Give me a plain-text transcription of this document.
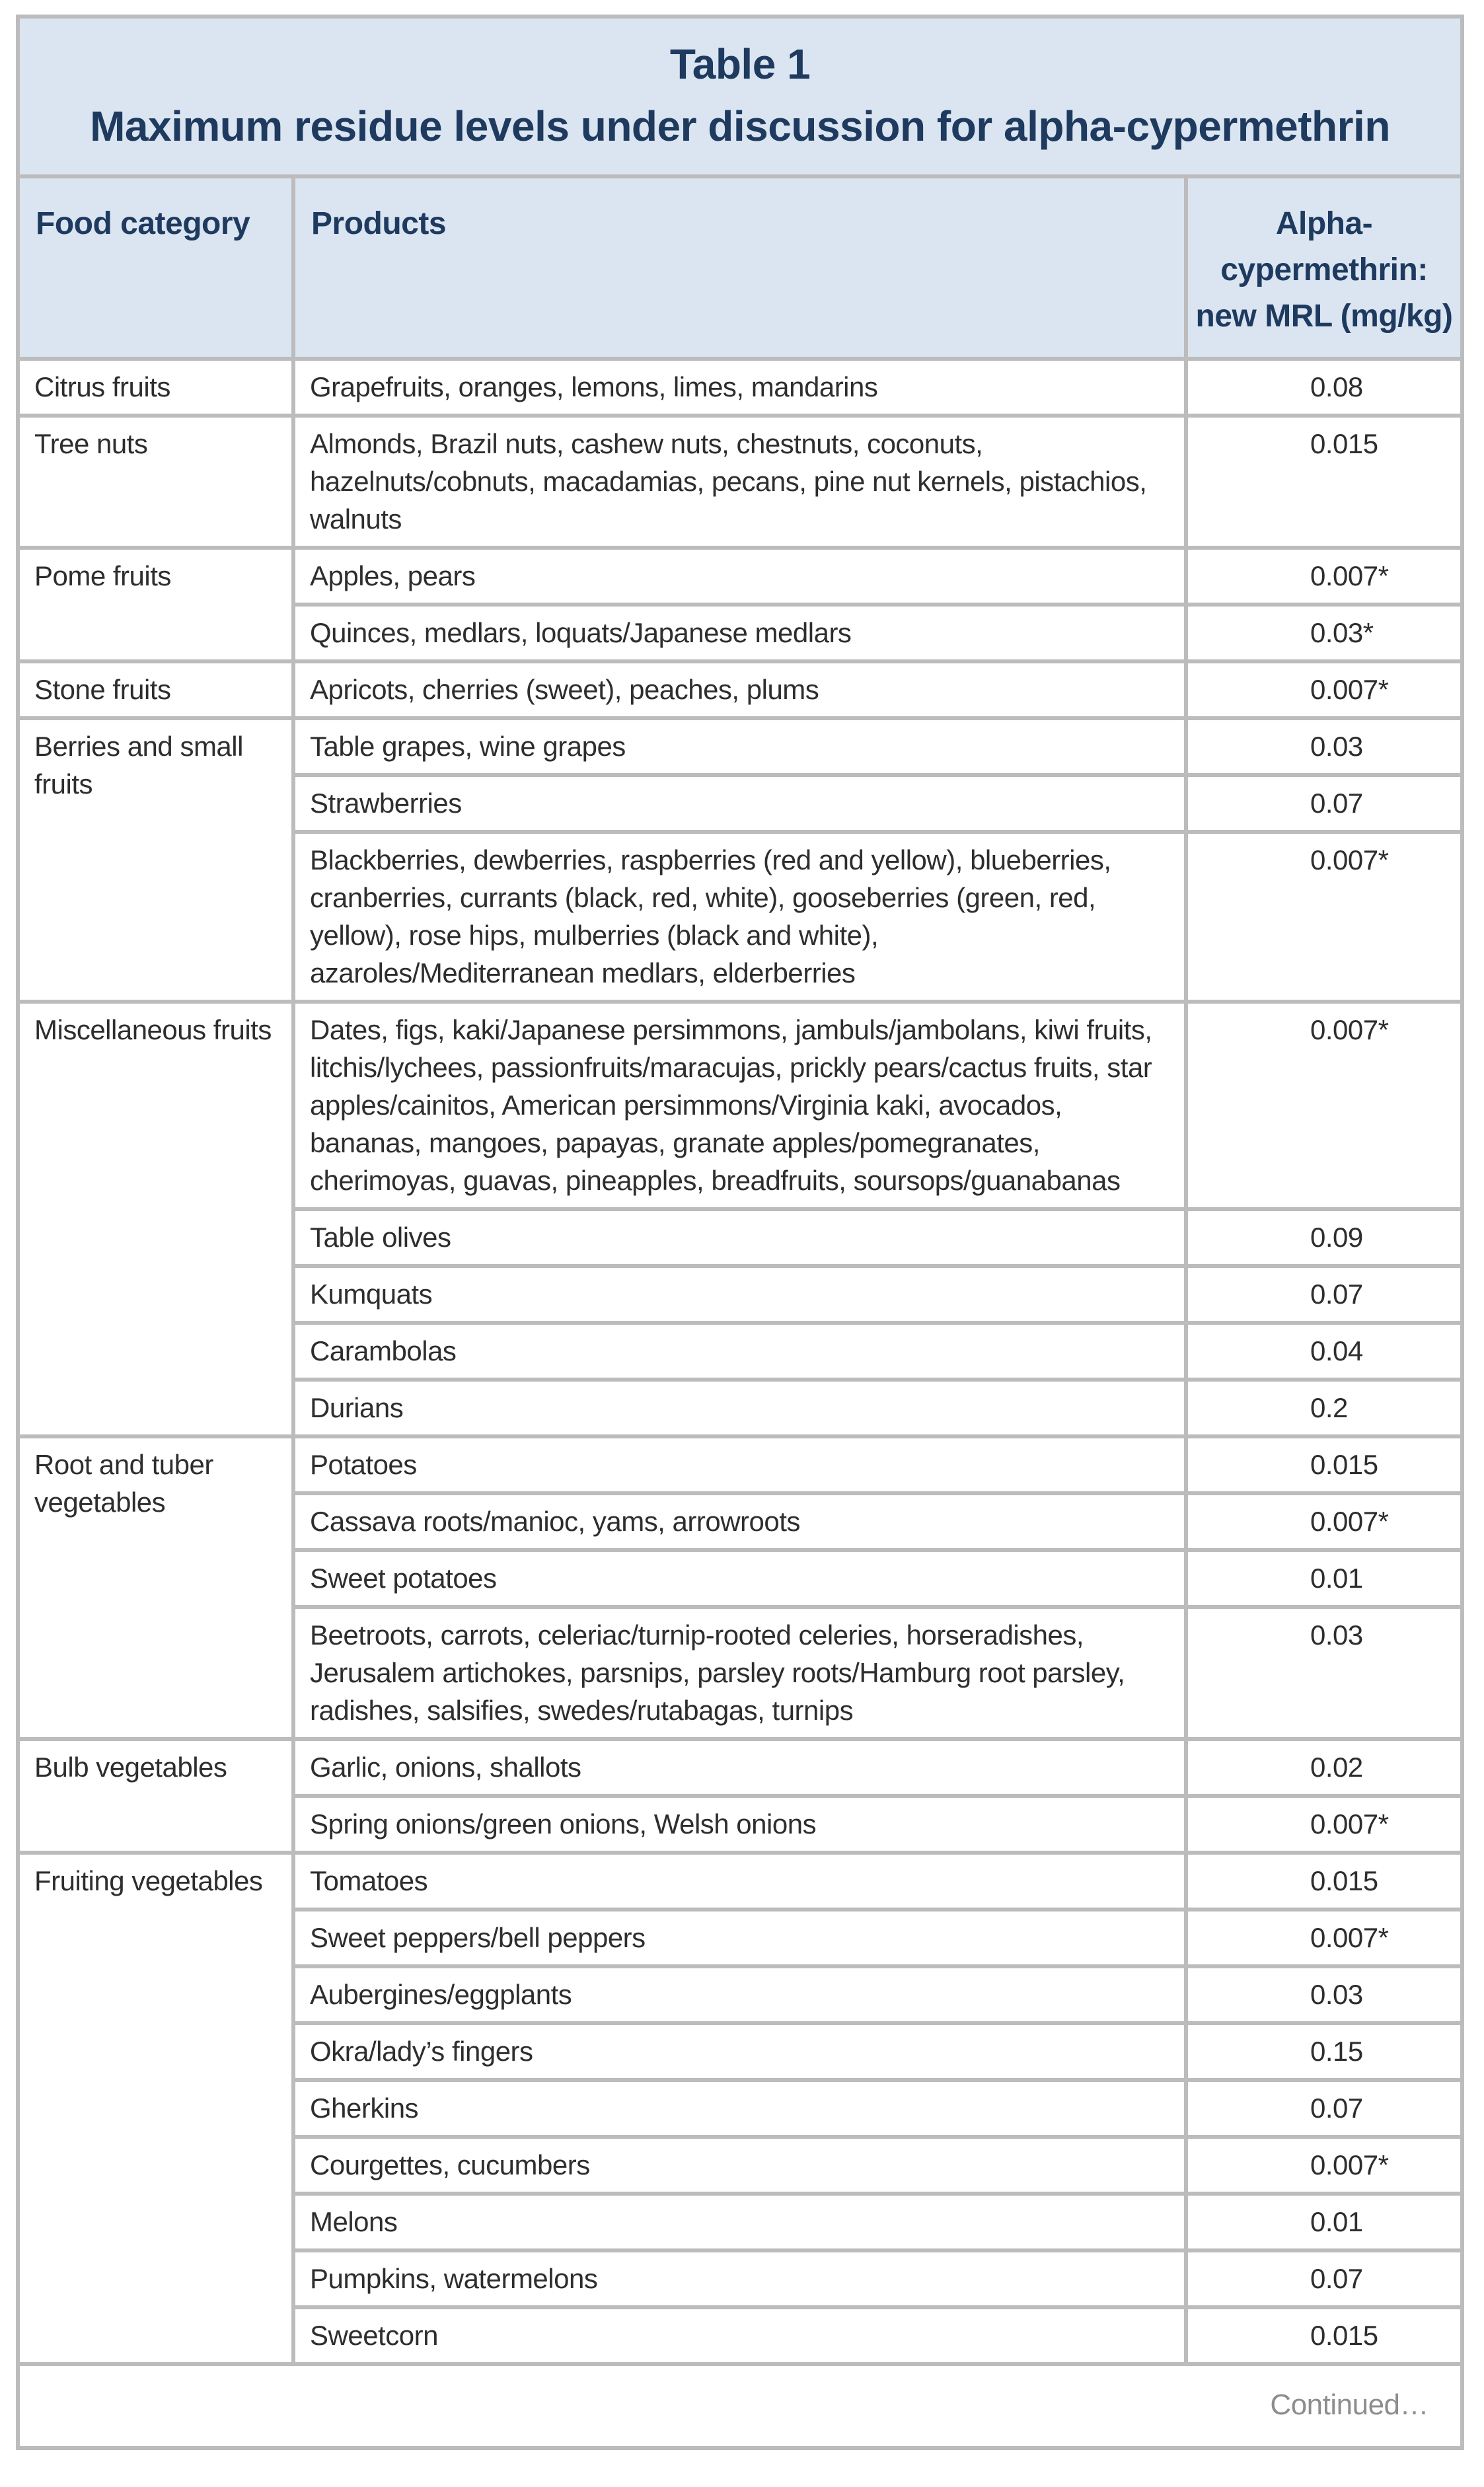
Table 1
Maximum residue levels under discussion for alpha-cypermethrin		

Food category	Products	Alpha-cypermethrin: new MRL (mg/kg)
Citrus fruits	Grapefruits, oranges, lemons, limes, mandarins	0.08
Tree nuts	Almonds, Brazil nuts, cashew nuts, chestnuts, coconuts, hazelnuts/cobnuts, macadamias, pecans, pine nut kernels, pistachios, walnuts	0.015
Pome fruits	Apples, pears	0.007*
	Quinces, medlars, loquats/Japanese medlars	0.03*
Stone fruits	Apricots, cherries (sweet), peaches, plums	0.007*
Berries and small fruits	Table grapes, wine grapes	0.03
	Strawberries	0.07
	Blackberries, dewberries, raspberries (red and yellow), blueberries, cranberries, currants (black, red, white), gooseberries (green, red, yellow), rose hips, mulberries (black and white), azaroles/Mediterranean medlars, elderberries	0.007*
Miscellaneous fruits	Dates, figs, kaki/Japanese persimmons, jambuls/jambolans, kiwi fruits, litchis/lychees, passionfruits/maracujas, prickly pears/cactus fruits, star apples/cainitos, American persimmons/Virginia kaki, avocados, bananas, mangoes, papayas, granate apples/pomegranates, cherimoyas, guavas, pineapples, breadfruits, soursops/guanabanas	0.007*
	Table olives	0.09
	Kumquats	0.07
	Carambolas	0.04
	Durians	0.2
Root and tuber vegetables	Potatoes	0.015
	Cassava roots/manioc, yams, arrowroots	0.007*
	Sweet potatoes	0.01
	Beetroots, carrots, celeriac/turnip-rooted celeries, horseradishes, Jerusalem artichokes, parsnips, parsley roots/Hamburg root parsley, radishes, salsifies, swedes/rutabagas, turnips	0.03
Bulb vegetables	Garlic, onions, shallots	0.02
	Spring onions/green onions, Welsh onions	0.007*
Fruiting vegetables	Tomatoes	0.015
	Sweet peppers/bell peppers	0.007*
	Aubergines/eggplants	0.03
	Okra/lady’s fingers	0.15
	Gherkins	0.07
	Courgettes, cucumbers	0.007*
	Melons	0.01
	Pumpkins, watermelons	0.07
	Sweetcorn	0.015
Continued…		
